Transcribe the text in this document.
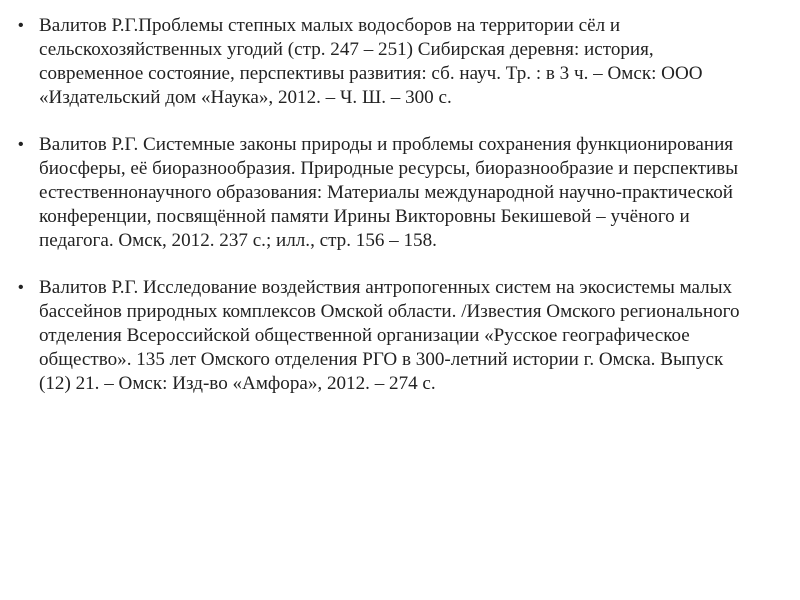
• Валитов Р.Г.Проблемы степных малых водосборов на территории сёл и сельскохозяйственных угодий (стр. 247 – 251) Сибирская деревня: история, современное состояние, перспективы развития: сб. науч. Тр. : в 3 ч. – Омск: ООО «Издательский дом «Наука», 2012. – Ч. Ш. – 300 с.
• Валитов Р.Г. Системные законы природы и проблемы сохранения функционирования биосферы, её биоразнообразия. Природные ресурсы, биоразнообразие и перспективы естественнонаучного образования: Материалы международной научно-практической конференции, посвящённой памяти Ирины Викторовны Бекишевой – учёного и педагога. Омск, 2012. 237 с.; илл., стр. 156 – 158.
• Валитов Р.Г. Исследование воздействия антропогенных систем на экосистемы малых бассейнов природных комплексов Омской области. /Известия Омского регионального отделения Всероссийской общественной организации «Русское географическое общество». 135 лет Омского отделения РГО в 300-летний истории г. Омска. Выпуск (12) 21. – Омск: Изд-во «Амфора», 2012. – 274 с.
